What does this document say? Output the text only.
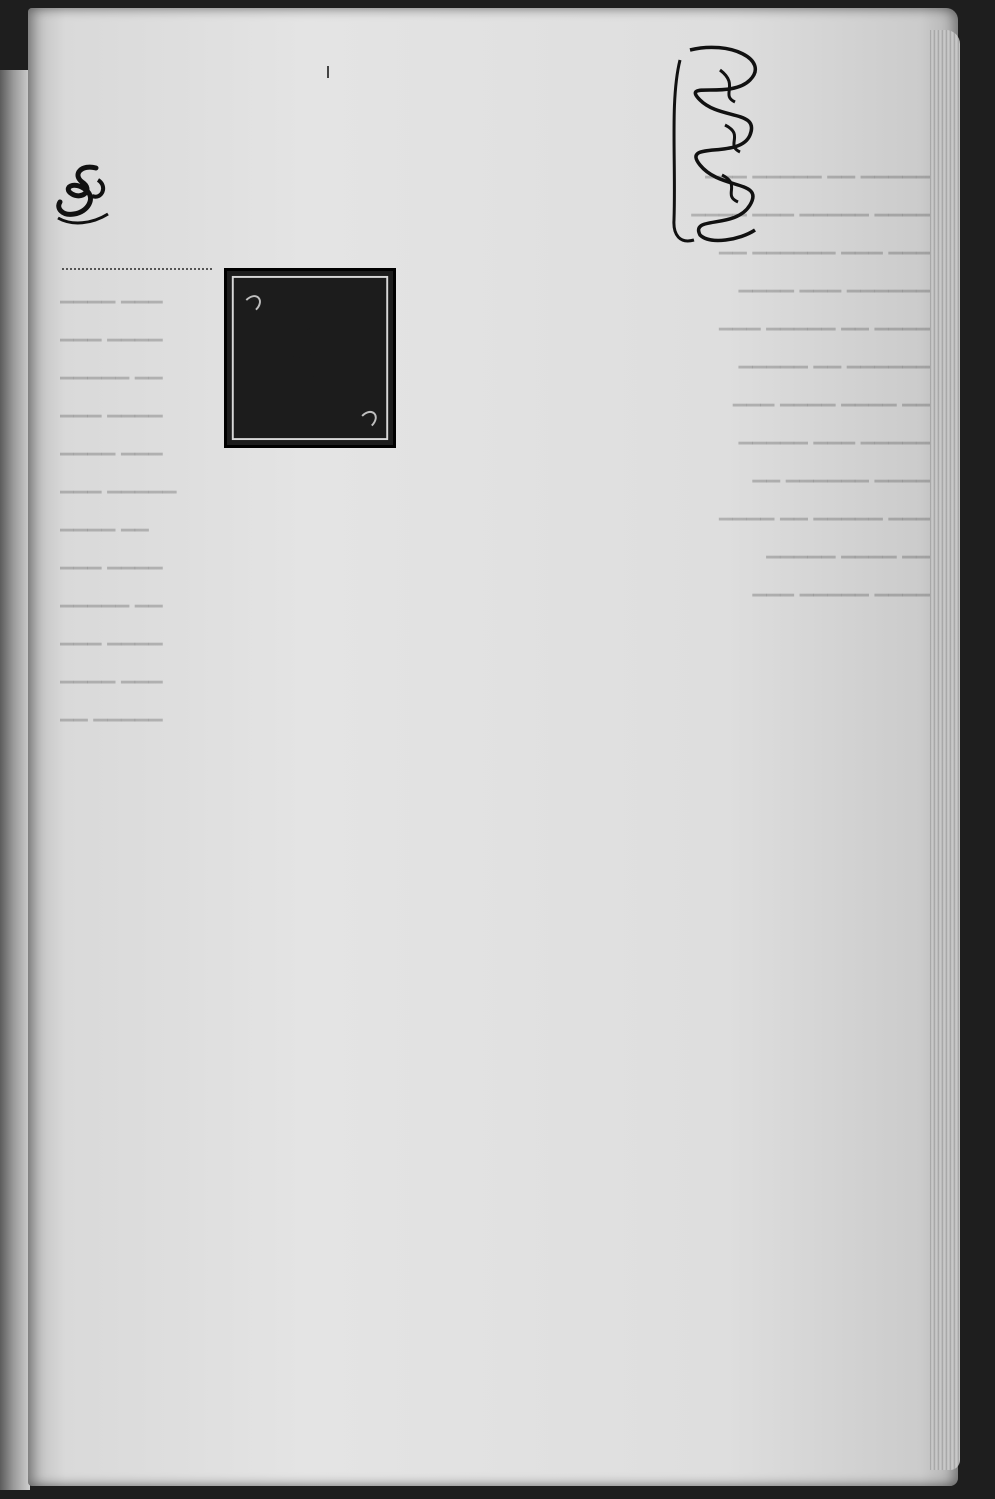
▁▁▁ ▁▁▁▁▁ ▁▁ ▁▁▁▁▁
▁▁▁▁ ▁▁▁ ▁▁▁▁▁ ▁▁▁▁
▁▁ ▁▁▁▁▁▁ ▁▁▁ ▁▁▁
▁▁▁▁ ▁▁▁ ▁▁▁▁▁▁
▁▁▁ ▁▁▁▁▁ ▁▁ ▁▁▁▁
▁▁▁▁▁ ▁▁ ▁▁▁▁▁▁
▁▁▁ ▁▁▁▁ ▁▁▁▁ ▁▁
▁▁▁▁▁ ▁▁▁ ▁▁▁▁▁
▁▁ ▁▁▁▁▁▁ ▁▁▁▁
▁▁▁▁ ▁▁ ▁▁▁▁▁ ▁▁▁
▁▁▁▁▁ ▁▁▁▁ ▁▁
▁▁▁ ▁▁▁▁▁ ▁▁▁▁
▁▁▁▁ ▁▁▁
▁▁▁ ▁▁▁▁
▁▁▁▁▁ ▁▁
▁▁▁ ▁▁▁▁
▁▁▁▁ ▁▁▁
▁▁▁ ▁▁▁▁▁
▁▁▁▁ ▁▁
▁▁▁ ▁▁▁▁
▁▁▁▁▁ ▁▁
▁▁▁ ▁▁▁▁
▁▁▁▁ ▁▁▁
▁▁ ▁▁▁▁▁
